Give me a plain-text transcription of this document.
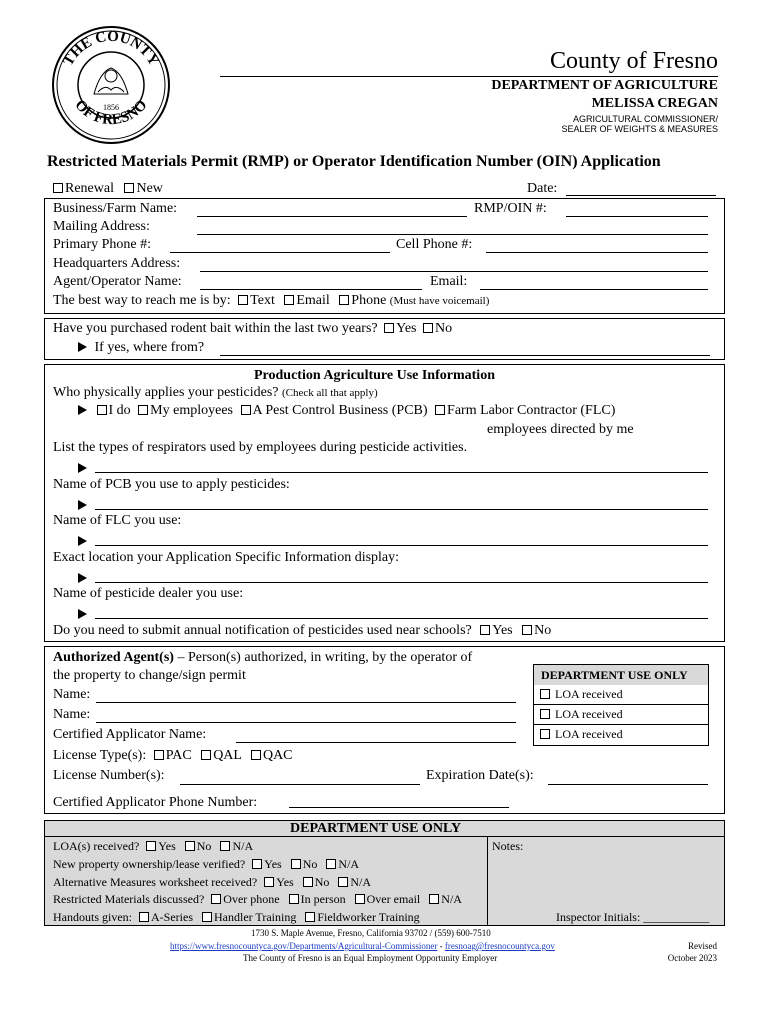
THE COUNTY
OF FRESNO
1856
County of Fresno
DEPARTMENT OF AGRICULTURE
MELISSA CREGAN
AGRICULTURAL COMMISSIONER/
SEALER OF WEIGHTS & MEASURES
Restricted Materials Permit (RMP) or Operator Identification Number (OIN) Application
Renewal New	Date:
Business/Farm Name:	RMP/OIN #:
Mailing Address:
Primary Phone #:	Cell Phone #:
Headquarters Address:
Agent/Operator Name:	Email:
The best way to reach me is by: Text Email Phone (Must have voicemail)
Have you purchased rodent bait within the last two years? Yes No
If yes, where from?
Production Agriculture Use Information
Who physically applies your pesticides? (Check all that apply)
I do My employees A Pest Control Business (PCB) Farm Labor Contractor (FLC)
employees directed by me
List the types of respirators used by employees during pesticide activities.
Name of PCB you use to apply pesticides:
Name of FLC you use:
Exact location your Application Specific Information display:
Name of pesticide dealer you use:
Do you need to submit annual notification of pesticides used near schools? Yes No
Authorized Agent(s) – Person(s) authorized, in writing, by the operator of
the property to change/sign permit
Name:
Name:
Certified Applicator Name:
License Type(s): PAC QAL QAC
License Number(s):	Expiration Date(s):
Certified Applicator Phone Number:
DEPARTMENT USE ONLY
LOA received
LOA received
LOA received
DEPARTMENT USE ONLY
LOA(s) received? Yes No N/A
New property ownership/lease verified? Yes No N/A
Alternative Measures worksheet received? Yes No N/A
Restricted Materials discussed? Over phone In person Over email N/A
Handouts given: A-Series Handler Training Fieldworker Training
Notes:
Inspector Initials: ___________
1730 S. Maple Avenue, Fresno, California 93702 / (559) 600-7510
https://www.fresnocountyca.gov/Departments/Agricultural-Commissioner - fresnoag@fresnocountyca.gov
The County of Fresno is an Equal Employment Opportunity Employer
Revised
October 2023
